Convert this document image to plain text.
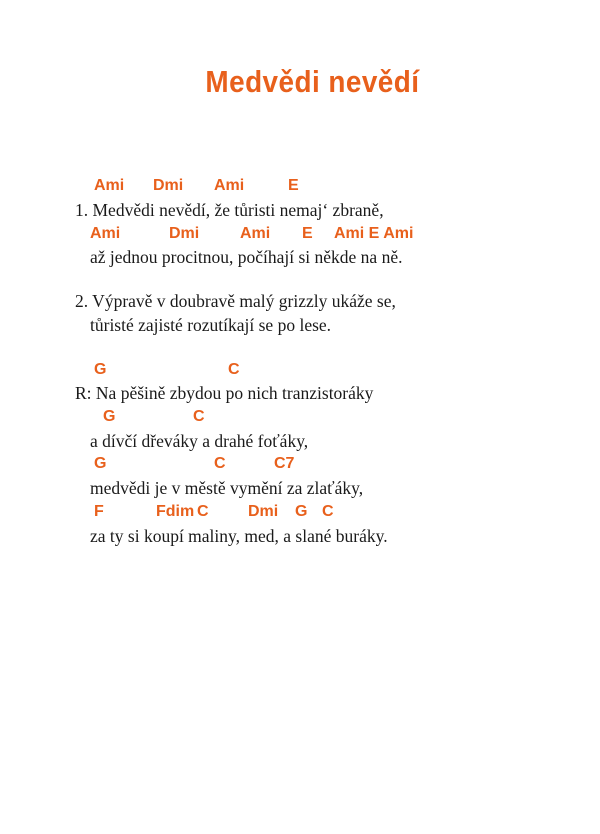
Medvědi nevědí
Ami Dmi Ami	E
1. Medvědi nevědí, že tůristi nemaj‘ zbraně,
Ami	Dmi	Ami E Ami E Ami
až jednou procitnou, počíhají si někde na ně.
2. Výpravě v doubravě malý grizzly ukáže se,
tůristé zajisté rozutíkají se po lese.
G	C
R: Na pěšině zbydou po nich tranzistoráky
G	C
a dívčí dřeváky a drahé foťáky,
G	C	C7
medvědi je v městě vymění za zlaťáky,
F	Fdim C Dmi G C
za ty si koupí maliny, med, a slané buráky.
